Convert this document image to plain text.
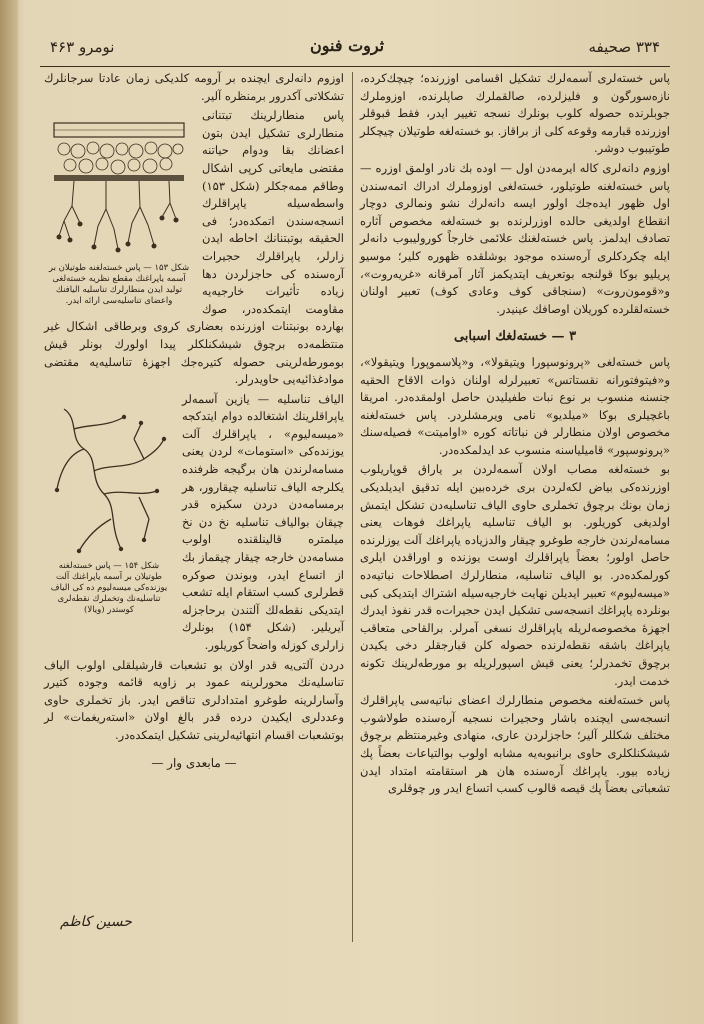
۳۳۴ صحیفه
ثروت فنون
نومرو ۴۶۳

پاس خسته‌لری آسمه‌لرك تشكیل اقسامی اوزرنده؛ چیچك‌كرده، نازه‌سورگون و فلیزلرده، صالقملرك صاپلرنده، اوزوملرك جوبلرنده حصوله كلوب بونلرك نسجه تغییر ایدر، فقط قبوقلر اوزرنده قبارمه وقوعه كلی از براقاز. بو خسته‌لغه طوتیلان چیچكلر طوتیبوب دوشر.

اوزوم دانه‌لری كاله ایرمه‌دن اول — اوده بك نادر اولمق اوزره — پاس خسته‌لغنه طوتیلور، خسته‌لغی اوزوملرك ادراك اتمه‌سندن اول ظهور ایده‌جك اولور ایسه دانه‌لرك نشو ونمالری دوچار انقطاع اولدیغی حالده اوزرلرنده بو خسته‌لغه مخصوص آثاره تصادف ایدلمز. پاس خسته‌لغنك علائمی خارجاً كورولیبوب دانه‌لر ایله چكردكلری آره‌سنده موجود بوشلقده ظهوره كلیر؛ موسیو پریلیو بوكا قولنجه بوتعریف ایتدیكمز آثار آمرقانه «غریه‌روت»، و«قومون‌روت» (سنجاقی كوف وعادی كوف) تعبیر اولنان خسته‌لقلرده كوریلان اوصافك عینیدر.

۳ — خسته‌لغك اسبابی

پاس خسته‌لغی «پرونوسپورا ویتیقولا»، و«پلاسموپورا ویتیقولا»، و«فیتوفتورانه نقستاتس» تعبیرلرله اولنان ذوات الاقاح الحقیه جنسنه منسوب بر نوع نبات طفیلیدن حاصل اولمقده‌در. امریقا باغچیلری بوكا «میلدیو» نامی ویرمشلردر. پاس خسته‌لغنه مخصوص اولان منطارلر فن نباتاته كوره «اوامیتت» فصیله‌سنك «پرونوسپور» قامیلیاسنه منسوب عد ایدلمكده‌در.

بو خسته‌لغه مصاب اولان آسمه‌لردن بر یاراق قوپاریلوب اوزرنده‌كی بیاض لكه‌لردن بری خرده‌بین ایله تدقیق ایدیلدیكی زمان بونك برچوق تخملری حاوی الیاف تناسلیه‌دن تشكل ایتمش اولدیغی كوریلور. بو الیاف تناسلیه یاپراغك فوهات یعنی مسامه‌لرندن خارجه طوغرو چیقار والدزیاده یاپراغك آلت یوزلرنده حاصل اولور؛ بعضاً یاپراقلرك اوست یوزنده و اوراقدن ایلری كورلمكده‌در. بو الیاف تناسلیه، منطارلرك اصطلاحات نباتیه‌ده «میسه‌لیوم» تعبیر ایدیلن نهایت خارجیه‌سیله اشتراك ایتدیكی كبی بونلرده یاپراغك انسجه‌سی تشكیل ایدن حجیرات‌ه قدر نفوذ ایدرك اجهزهٔ مخصوصه‌لریله یاپراقلرك نسغی آمرلر. برالقاحی متعاقب یاپراغك باشقه نقطه‌لرنده حصوله كلن قبارجقلر دخی یكیدن برچوق تخمدرلر؛ یعنی قیش اسپورلریله بو مورطه‌لرینك تكونه خدمت ایدر.

پاس خسته‌لغنه مخصوص منطارلرك اعضای نباتیه‌سی یاپراقلرك انسجه‌سی ایچنده باشار وحجیرات نسجیه آره‌سنده طولاشوب مختلف شكللر آلیر؛ حاجزلردن عاری، منهادی وغیرمنتظم برچوق شیشكنلكلری حاوی برانبوبه‌یه مشابه اولوب بوالتیاعات بعضاً پك زیاده بیور. یاپراغك آره‌سنده هان هر استقامته امتداد ایدن تشعباتی بعضاً پك قیصه قالوب كسب اتساع ایدر ور چوقلری

اوزوم دانه‌لری ایچنده بر آرومه كلدیكی زمان عادتا سرجانلرك تشكلاتی آكدرور برمنظره آلیر.

شكل ۱۵۳ — پاس خسته‌لغنه طوتیلان بر آسمه یاپراغنك مقطع نظریه خسته‌لغی تولید ایدن منطارلرك تناسلیه الیافنك واعضای تناسلیه‌سی ارائه ایدر.

پاس منطارلرینك تبتنانی منطارلری تشكیل ایدن بتون اعضانك بقا ودوام حیاتنه مقتضی مایعاتی كرپی اشكال وطاقم ممه‌جكلر (شكل ۱۵۳) واسطه‌سیله یاپراقلرك انسجه‌سندن اتمكده‌در؛ فی الحقیقه بوتبتنانك احاطه ایدن زارلر، یاپراقلرك حجیرات آره‌سنده كی حاجزلردن دها زیاده تأثیرات خارجیه‌یه مقاومت ایتمكده‌در، صوك بهارده بونبتنات اوزرنده بعضاری كروی وبرطاقی اشكال غیر منتظمه‌ده برچوق شیشكنلكلر پیدا اولورك بونلر قیش بومورطه‌لرینی حصوله كتیره‌جك اجهزهٔ تناسلیه‌یه مقتضی موادغذائیه‌یی حاویدرلر.

شكل ۱۵۴ — پاس خسته‌لغنه طوتیلان بر آسمه یاپراغنك آلت یوزنده‌كی میسه‌لیوم ده كی الیاف تناسلیه‌نك وتخملرك نقطه‌لری كوستدر (ویالا)

الیاف تناسلیه — یازین آسمه‌لر یاپراقلرینك اشتغالده دوام ایتدكجه «میسه‌لیوم» ، یاپراقلرك آلت یوزنده‌كی «استومات» لردن یعنی مسامه‌لرندن هان برگیجه ظرفنده یكلرجه الیاف تناسلیه چیقارور، هر برمسامه‌دن دردن سكیزه قدر چیقان بوالیاف تناسلیه نخ دن نخ میلمتره قالینلقنده اولوب مسامه‌دن خارجه چیقار چیقماز بك از اتساع ایدر، وبوندن صوكره قطرلری كسب استقام ایله تشعب ایتدیكی نقطه‌لك آلتندن برحاجزله آیریلیر. (شكل ۱۵۴) بونلرك زارلری كوزله واضحاً كوریلور.

دردن آلتی‌یه قدر اولان بو تشعبات قارشیلقلی اولوب الیاف تناسلیه‌نك محورلرینه عمود بر زاویه قائمه وجوده كتیرر وآسارلرینه طوغرو امتدادلری تناقص ایدر. باز تخملری حاوی وعددلری ایكیدن درده قدر بالغ اولان «استه‌ریغمات» لر بوتشعبات اقسام انتهائیه‌لرینی تشكیل ایتمكده‌در.

— مابعدی وار —
حسین كاظم
